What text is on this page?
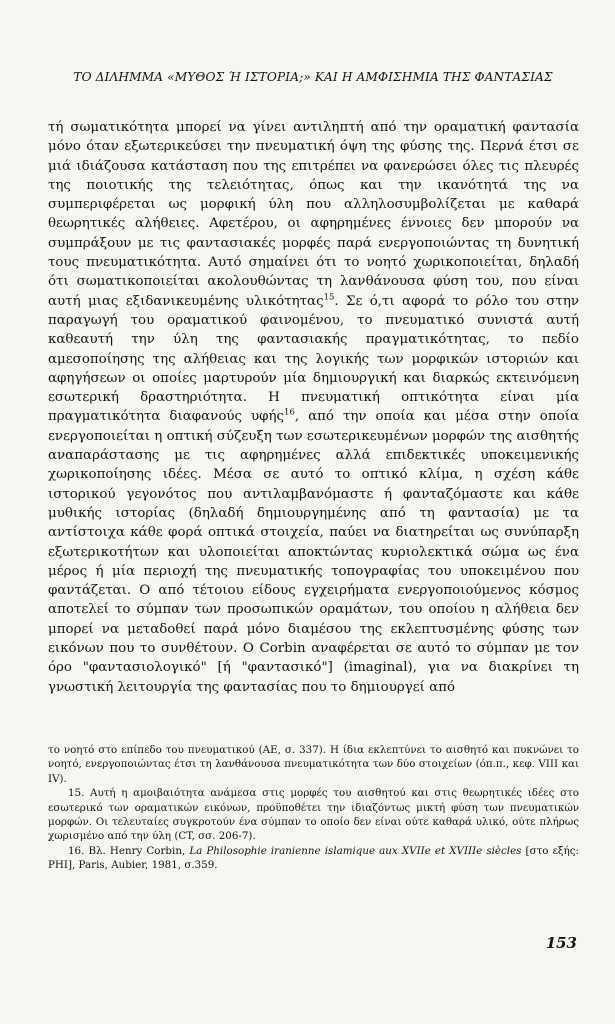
ΤΟ ΔΙΛΗΜΜΑ «ΜΥΘΟΣ Ή ΙΣΤΟΡΙΑ;» ΚΑΙ Η ΑΜΦΙΣΗΜΙΑ ΤΗΣ ΦΑΝΤΑΣΙΑΣ
τή σωματικότητα μπορεί να γίνει αντιληπτή από την οραματική φαντασία μόνο όταν εξωτερικεύσει την πνευματική όψη της φύσης της. Περνά έτσι σε μιά ιδιάζουσα κατάσταση που της επιτρέπει να φανερώσει όλες τις πλευρές της ποιοτικής της τελειότητας, όπως και την ικανότητά της να συμπεριφέρεται ως μορφική ύλη που αλληλοσυμβολίζεται με καθαρά θεωρητικές αλήθειες. Αφετέρου, οι αφηρημένες έννοιες δεν μπορούν να συμπράξουν με τις φαντασιακές μορφές παρά ενεργοποιώντας τη δυνητική τους πνευματικότητα. Αυτό σημαίνει ότι το νοητό χωρικοποιείται, δηλαδή ότι σωματικοποιείται ακολουθώντας τη λανθάνουσα φύση του, που είναι αυτή μιας εξιδανικευμένης υλικότητας$^{15}$. Σε ό,τι αφορά το ρόλο του στην παραγωγή του οραματικού φαινομένου, το πνευματικό συνιστά αυτή καθεαυτή την ύλη της φαντασιακής πραγματικότητας, το πεδίο αμεσοποίησης της αλήθειας και της λογικής των μορφικών ιστοριών και αφηγήσεων οι οποίες μαρτυρούν μία δημιουργική και διαρκώς εκτεινόμενη εσωτερική δραστηριότητα. Η πνευματική οπτικότητα είναι μία πραγματικότητα διαφανούς υφής$^{16}$, από την οποία και μέσα στην οποία ενεργοποιείται η οπτική σύζευξη των εσωτερικευμένων μορφών της αισθητής αναπαράστασης με τις αφηρημένες αλλά επιδεκτικές υποκειμενικής χωρικοποίησης ιδέες. Μέσα σε αυτό το οπτικό κλίμα, η σχέση κάθε ιστορικού γεγονότος που αντιλαμβανόμαστε ή φανταζόμαστε και κάθε μυθικής ιστορίας (δηλαδή δημιουργημένης από τη φαντασία) με τα αντίστοιχα κάθε φορά οπτικά στοιχεία, παύει να διατηρείται ως συνύπαρξη εξωτερικοτήτων και υλοποιείται αποκτώντας κυριολεκτικά σώμα ως ένα μέρος ή μία περιοχή της πνευματικής τοπογραφίας του υποκειμένου που φαντάζεται. Ο από τέτοιου είδους εγχειρήματα ενεργοποιούμενος κόσμος αποτελεί το σύμπαν των προσωπικών οραμάτων, του οποίου η αλήθεια δεν μπορεί να μεταδοθεί παρά μόνο διαμέσου της εκλεπτυσμένης φύσης των εικόνων που το συνθέτουν. Ο Corbin αναφέρεται σε αυτό το σύμπαν με τον όρο "φαντασιολογικό" [ή "φαντασικό"] (imaginal), για να διακρίνει τη γνωστική λειτουργία της φαντασίας που το δημιουργεί από

το νοητό στο επίπεδο του πνευματικού (ΑΕ, σ. 337). Η ίδια εκλεπτύνει το αισθητό και πυκνώνει το νοητό, ενεργοποιώντας έτσι τη λανθάνουσα πνευματικότητα των δύο στοιχείων (όπ.π., κεφ. VIII και IV).

15. Αυτή η αμοιβαιότητα ανάμεσα στις μορφές του αισθητού και στις θεωρητικές ιδέες στο εσωτερικό των οραματικών εικόνων, προϋποθέτει την ιδιαζόντως μικτή φύση των πνευματικών μορφών. Οι τελευταίες συγκροτούν ένα σύμπαν το οποίο δεν είναι ούτε καθαρά υλικό, ούτε πλήρως χωρισμένο από την ύλη (CT, σσ. 206-7).

16. Βλ. Henry Corbin, La Philosophie iranienne islamique aux XVIIe et XVIIIe siècles [στο εξής: PHI], Paris, Aubier, 1981, σ.359.

153
